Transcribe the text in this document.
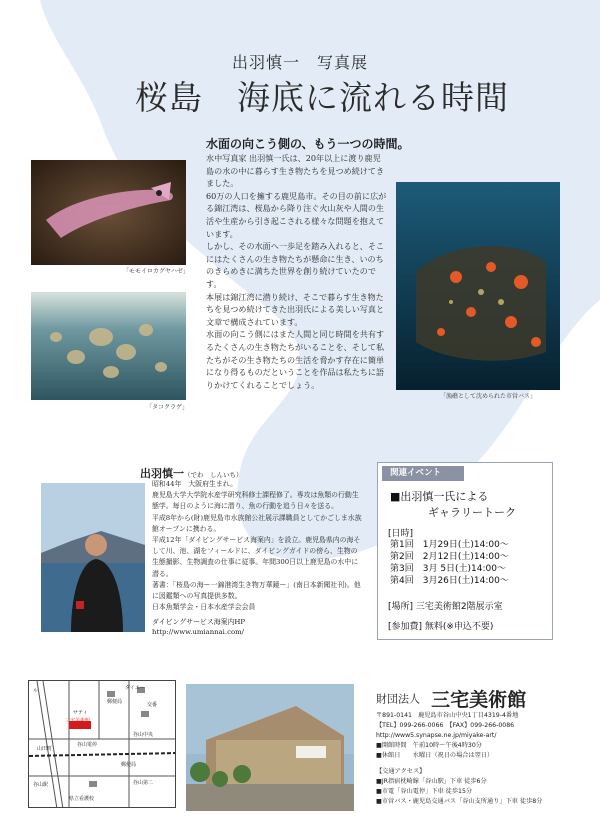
出羽慎一　写真展
桜島　海底に流れる時間
水面の向こう側の、もう一つの時間。
「モモイロカグヤハゼ」
「タコクラゲ」

水中写真家 出羽慎一氏は、20年以上に渡り鹿児島の水の中に暮らす生き物たちを見つめ続けてきました。

60万の人口を擁する鹿児島市。その目の前に広がる錦江湾は、桜島から降り注ぐ火山灰や人間の生活や生産から引き起こされる様々な問題を抱えています。

しかし、その水面へ一歩足を踏み入れると、そこにはたくさんの生き物たちが懸命に生き、いのちのきらめきに満ちた世界を創り続けていたのです。

本展は錦江湾に潜り続け、そこで暮らす生き物たちを見つめ続けてきた出羽氏による美しい写真と文章で構成されています。

水面の向こう側にはまた人間と同じ時間を共有するたくさんの生き物たちがいることを、そして私たちがその生き物たちの生活を脅かす存在に簡単になり得るものだということを作品は私たちに語りかけてくれることでしょう。

「漁礁として沈められた市営バス」
出羽慎一（でわ　しんいち）

昭和44年　大阪府生まれ。

鹿児島大学大学院水産学研究科修士課程修了。専攻は魚類の行動生態学。毎日のように海に潜り、魚の行動を追う日々を送る。

平成8年から(財)鹿児島市水族館公社展示課職員としてかごしま水族館オープンに携わる。

平成12年「ダイビングサービス海案内」を設立。鹿児島県内の海そして川、池、湖をフィールドに、ダイビングガイドの傍ら、生物の生態撮影、生物調査の仕事に従事。年間300日以上鹿児島の水中に潜る。

著書：「桜島の海ー一錦港湾生き物万華鏡ー」(南日本新聞社刊)。他に図鑑類への写真提供多数。

日本魚類学会・日本水産学会会員

ダイビングサービス海案内HP
http://www.umiannai.com/
関連イベント
■出羽慎一氏による
ギャラリートーク
[日時]
第1回　1月29日(土)14:00～
第2回　2月12日(土)14:00～
第3回　3月 5日(土)14:00～
第4回　3月26日(土)14:00～
[場所] 三宅美術館2階展示室
[参加費] 無料(※申込不要)
ダイエー
郵便局
サティ
交番
三宅美術館
谷山電停
谷山中央
山田町
郵便局
谷山第二
県立看護校
谷山駅
ル
財団法人 三宅美術館
〒891-0141　鹿児島市谷山中央1丁目4319-4番地
【TEL】099-266-0066　【FAX】099-266-0086
http://www5.synapse.ne.jp/miyake-art/
■開館時間　午前10時～午後4時30分
■休館日　　水曜日（祝日の場合は翌日）
【交通アクセス】
■JR指宿枕崎線「谷山駅」下車 徒歩6分
■市電「谷山電停」下車 徒歩15分
■市営バス・鹿児島交通バス「谷山支所通り」下車 徒歩8分
